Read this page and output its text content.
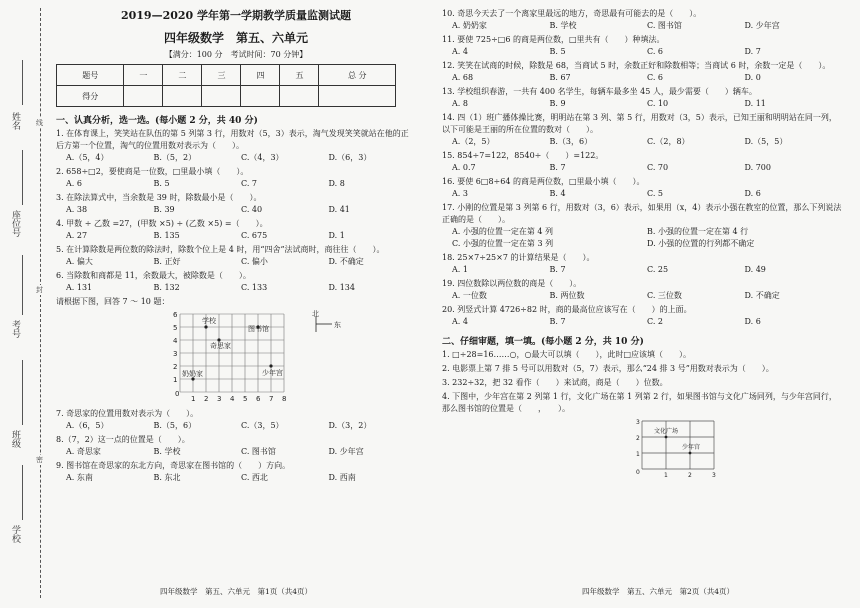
姓名
座位号
考号
班级
学校
线
封
密
2019—2020 学年第一学期教学质量监测试题
四年级数学　第五、六单元
【满分：100 分　考试时间：70 分钟】
题号	一	二	三	四	五	总 分
得分						
一、认真分析，选一选。(每小题 2 分，共 40 分)
1. 在体育课上，笑笑站在队伍的第 5 列第 3 行，用数对（5，3）表示，淘气发现笑笑就站在他的正后方第一个位置，淘气的位置用数对表示为（　　）。
A.（5，4）	B.（5，2）	C.（4，3）	D.（6，3）
2. 658÷□2，要使商是一位数，□里最小填（　　）。
A. 6	B. 5	C. 7	D. 8
3. 在除法算式中，当余数是 39 时，除数最小是（　　）。
A. 38	B. 39	C. 40	D. 41
4. 甲数 ÷ 乙数 =27，(甲数 ×5) ÷ (乙数 ×5) =（　　）。
A. 27	B. 135	C. 675	D. 1
5. 在计算除数是两位数的除法时，除数个位上是 4 时，用“四舍”法试商时，商往往（　　）。
A. 偏大	B. 正好	C. 偏小	D. 不确定
6. 当除数和商都是 11，余数最大，被除数是（　　）。
A. 131	B. 132	C. 133	D. 134
请根据下图，回答 7 ～ 10 题：
0
1 2 3 4 5 6 7 8
1
2
3
4
5
6
学校
图书馆
奇思家
奶奶家	少年宫
北
东
7. 奇思家的位置用数对表示为（　　）。
A.（6，5）	B.（5，6）	C.（3，5）	D.（3，2）
8.（7，2）这一点的位置是（　　）。
A. 奇思家	B. 学校	C. 图书馆	D. 少年宫
9. 图书馆在奇思家的东北方向，奇思家在图书馆的（　　）方向。
A. 东南	B. 东北	C. 西北	D. 西南
四年级数学　第五、六单元　第1页（共4页）
10. 奇思今天去了一个离家里最远的地方，奇思最有可能去的是（　　）。
A. 奶奶家	B. 学校	C. 图书馆	D. 少年宫
11. 要使 725÷□6 的商是两位数，□里共有（　　）种填法。
A. 4	B. 5	C. 6	D. 7
12. 笑笑在试商的时候，除数是 68，当商试 5 时，余数正好和除数相等；当商试 6 时，余数一定是（　　）。
A. 68	B. 67	C. 6	D. 0
13. 学校组织春游，一共有 400 名学生，每辆车最多坐 45 人，最少需要（　　）辆车。
A. 8	B. 9	C. 10	D. 11
14. 四（1）班广播体操比赛，明明站在第 3 列、第 5 行，用数对（3，5）表示，已知王丽和明明站在同一列，以下可能是王丽的所在位置的数对（　　）。
A.（2，5）	B.（3，6）	C.（2，8）	D.（5，5）
15. 854÷7=122，8540÷（　　）=122。
A. 0.7	B. 7	C. 70	D. 700
16. 要使 6□8÷64 的商是两位数，□里最小填（　　）。
A. 3	B. 4	C. 5	D. 6
17. 小刚的位置是第 3 列第 6 行，用数对（3，6）表示，如果用（x，4）表示小强在教室的位置，那么下列说法正确的是（　　）。
A. 小强的位置一定在第 4 列	B. 小强的位置一定在第 4 行
C. 小强的位置一定在第 3 列	D. 小强的位置的行列都不确定
18. 25×7÷25×7 的计算结果是（　　）。
A. 1	B. 7	C. 25	D. 49
19. 四位数除以两位数的商是（　　）。
A. 一位数	B. 两位数	C. 三位数	D. 不确定
20. 列竖式计算 4726÷82 时，商的最高位应该写在（　　）的上面。
A. 4	B. 7	C. 2	D. 6
二、仔细审题，填一填。(每小题 2 分，共 10 分)
1. □÷28=16……○，○最大可以填（　　），此时□应该填（　　）。
2. 电影票上第 7 排 5 号可以用数对（5，7）表示，那么“24 排 3 号”用数对表示为（　　）。
3. 232÷32，把 32 看作（　　）来试商，商是（　　）位数。
4. 下图中，少年宫在第 2 列第 1 行，文化广场在第 1 列第 2 行，如果图书馆与文化广场同列，与少年宫同行，那么图书馆的位置是（　　，　　）。
0	1	2	3
1
2
3
文化广场
少年宫
四年级数学　第五、六单元　第2页（共4页）
